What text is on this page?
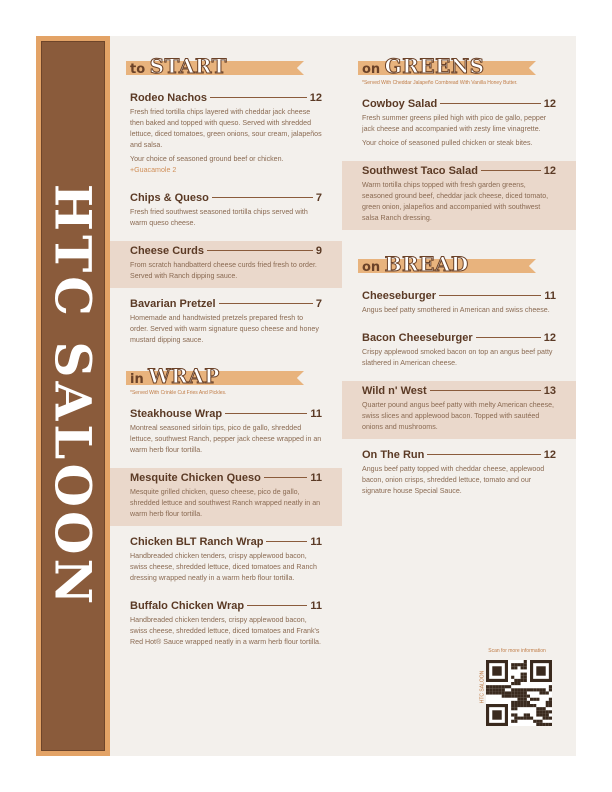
HTC SALOON
to START
Rodeo Nachos	12
Fresh fried tortilla chips layered with cheddar jack cheese then baked and topped with queso. Served with shredded lettuce, diced tomatoes, green onions, sour cream, jalapeños and salsa.
Your choice of seasoned ground beef or chicken.
+Guacamole 2
Chips & Queso	7
Fresh fried southwest seasoned tortilla chips served with warm queso cheese.
Cheese Curds	9
From scratch handbatterd cheese curds fried fresh to order. Served with Ranch dipping sauce.
Bavarian Pretzel	7
Homemade and handtwisted pretzels prepared fresh to order. Served with warm signature queso cheese and honey mustard dipping sauce.
in WRAP
*Served With Crinkle Cut Fries And Pickles.
Steakhouse Wrap	11
Montreal seasoned sirloin tips, pico de gallo, shredded lettuce, southwest Ranch, pepper jack cheese wrapped in an warm herb flour tortilla.
Mesquite Chicken Queso	11
Mesquite grilled chicken, queso cheese, pico de gallo, shredded lettuce and southwest Ranch wrapped neatly in an warm herb flour tortilla.
Chicken BLT Ranch Wrap	11
Handbreaded chicken tenders, crispy applewood bacon, swiss cheese, shredded lettuce, diced tomatoes and Ranch dressing wrapped neatly in a warm herb flour tortilla.
Buffalo Chicken Wrap	11
Handbreaded chicken tenders, crispy applewood bacon, swiss cheese, shredded lettuce, diced tomatoes and Frank's Red Hot® Sauce wrapped neatly in a warm herb flour tortilla.
on GREENS
*Served With Cheddar Jalapeño Cornbread With Vanilla Honey Butter.
Cowboy Salad	12
Fresh summer greens piled high with pico de gallo, pepper jack cheese and accompanied with zesty lime vinagrette.
Your choice of seasoned pulled chicken or steak bites.
Southwest Taco Salad	12
Warm tortilla chips topped with fresh garden greens, seasoned ground beef, cheddar jack cheese, diced tomato, green onion, jalapeños and accompanied with southwest salsa Ranch dressing.
on BREAD
Cheeseburger	11
Angus beef patty smothered in American and swiss cheese.
Bacon Cheeseburger	12
Crispy applewood smoked bacon on top an angus beef patty slathered in American cheese.
Wild n' West	13
Quarter pound angus beef patty with melty American cheese, swiss slices and applewood bacon. Topped with sautéed onions and mushrooms.
On The Run	12
Angus beef patty topped with cheddar cheese, applewood bacon, onion crisps, shredded lettuce, tomato and our signature house Special Sauce.
Scan for more information
HTC SALOON
